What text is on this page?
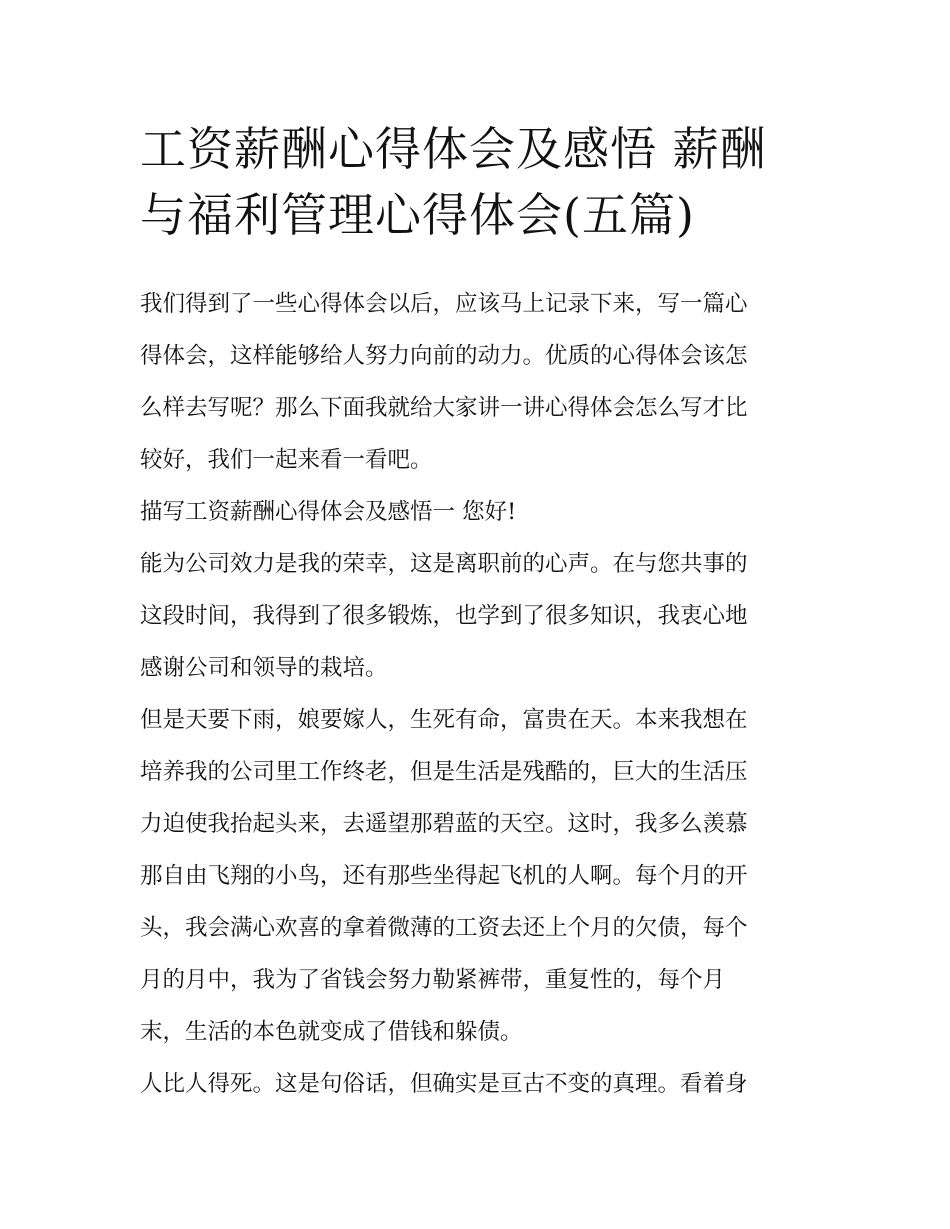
工资薪酬心得体会及感悟 薪酬
与福利管理心得体会(五篇)

我们得到了一些心得体会以后，应该马上记录下来，写一篇心
得体会，这样能够给人努力向前的动力。优质的心得体会该怎
么样去写呢？那么下面我就给大家讲一讲心得体会怎么写才比
较好，我们一起来看一看吧。

描写工资薪酬心得体会及感悟一 您好!

能为公司效力是我的荣幸，这是离职前的心声。在与您共事的
这段时间，我得到了很多锻炼，也学到了很多知识，我衷心地
感谢公司和领导的栽培。

但是天要下雨，娘要嫁人，生死有命，富贵在天。本来我想在
培养我的公司里工作终老，但是生活是残酷的，巨大的生活压
力迫使我抬起头来，去遥望那碧蓝的天空。这时，我多么羡慕
那自由飞翔的小鸟，还有那些坐得起飞机的人啊。每个月的开
头，我会满心欢喜的拿着微薄的工资去还上个月的欠债，每个
月的月中，我为了省钱会努力勒紧裤带，重复性的，每个月
末，生活的本色就变成了借钱和躲债。

人比人得死。这是句俗话，但确实是亘古不变的真理。看着身
